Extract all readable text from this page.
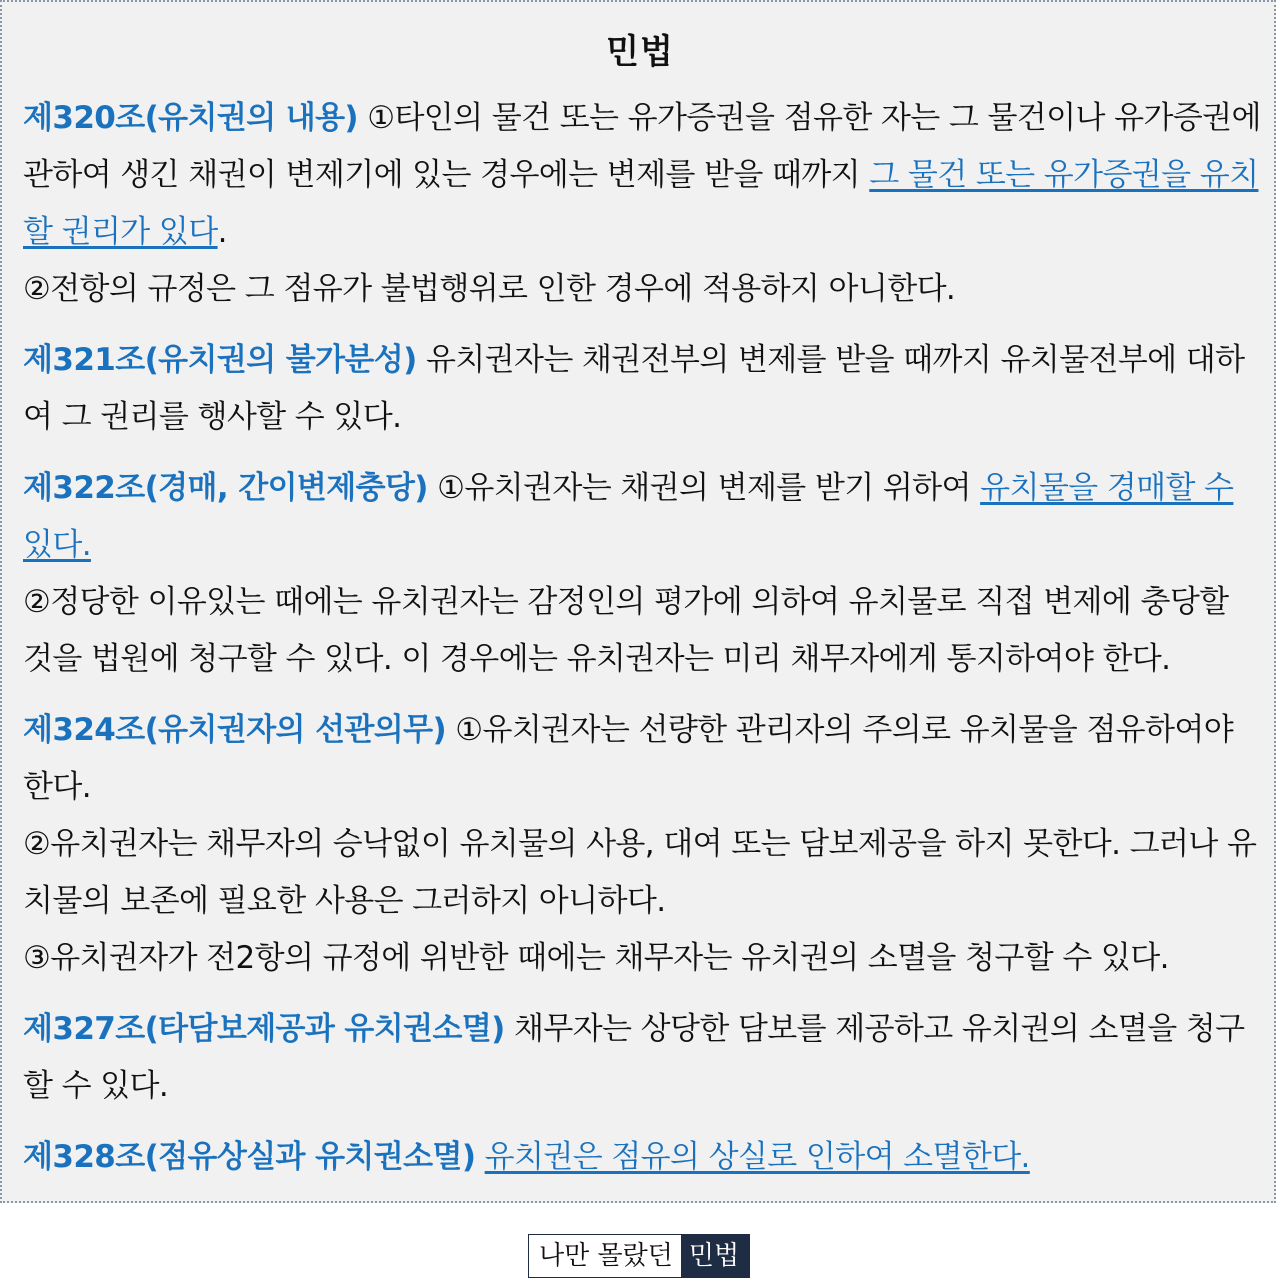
민법

제320조(유치권의 내용) ①타인의 물건 또는 유가증권을 점유한 자는 그 물건이나 유가증권에 관하여 생긴 채권이 변제기에 있는 경우에는 변제를 받을 때까지 그 물건 또는 유가증권을 유치할 권리가 있다.

②전항의 규정은 그 점유가 불법행위로 인한 경우에 적용하지 아니한다.

제321조(유치권의 불가분성) 유치권자는 채권전부의 변제를 받을 때까지 유치물전부에 대하여 그 권리를 행사할 수 있다.

제322조(경매, 간이변제충당) ①유치권자는 채권의 변제를 받기 위하여 유치물을 경매할 수 있다.

②정당한 이유있는 때에는 유치권자는 감정인의 평가에 의하여 유치물로 직접 변제에 충당할 것을 법원에 청구할 수 있다. 이 경우에는 유치권자는 미리 채무자에게 통지하여야 한다.

제324조(유치권자의 선관의무) ①유치권자는 선량한 관리자의 주의로 유치물을 점유하여야 한다.

②유치권자는 채무자의 승낙없이 유치물의 사용, 대여 또는 담보제공을 하지 못한다. 그러나 유치물의 보존에 필요한 사용은 그러하지 아니하다.

③유치권자가 전2항의 규정에 위반한 때에는 채무자는 유치권의 소멸을 청구할 수 있다.

제327조(타담보제공과 유치권소멸) 채무자는 상당한 담보를 제공하고 유치권의 소멸을 청구할 수 있다.

제328조(점유상실과 유치권소멸) 유치권은 점유의 상실로 인하여 소멸한다.

나만 몰랐던 민법
